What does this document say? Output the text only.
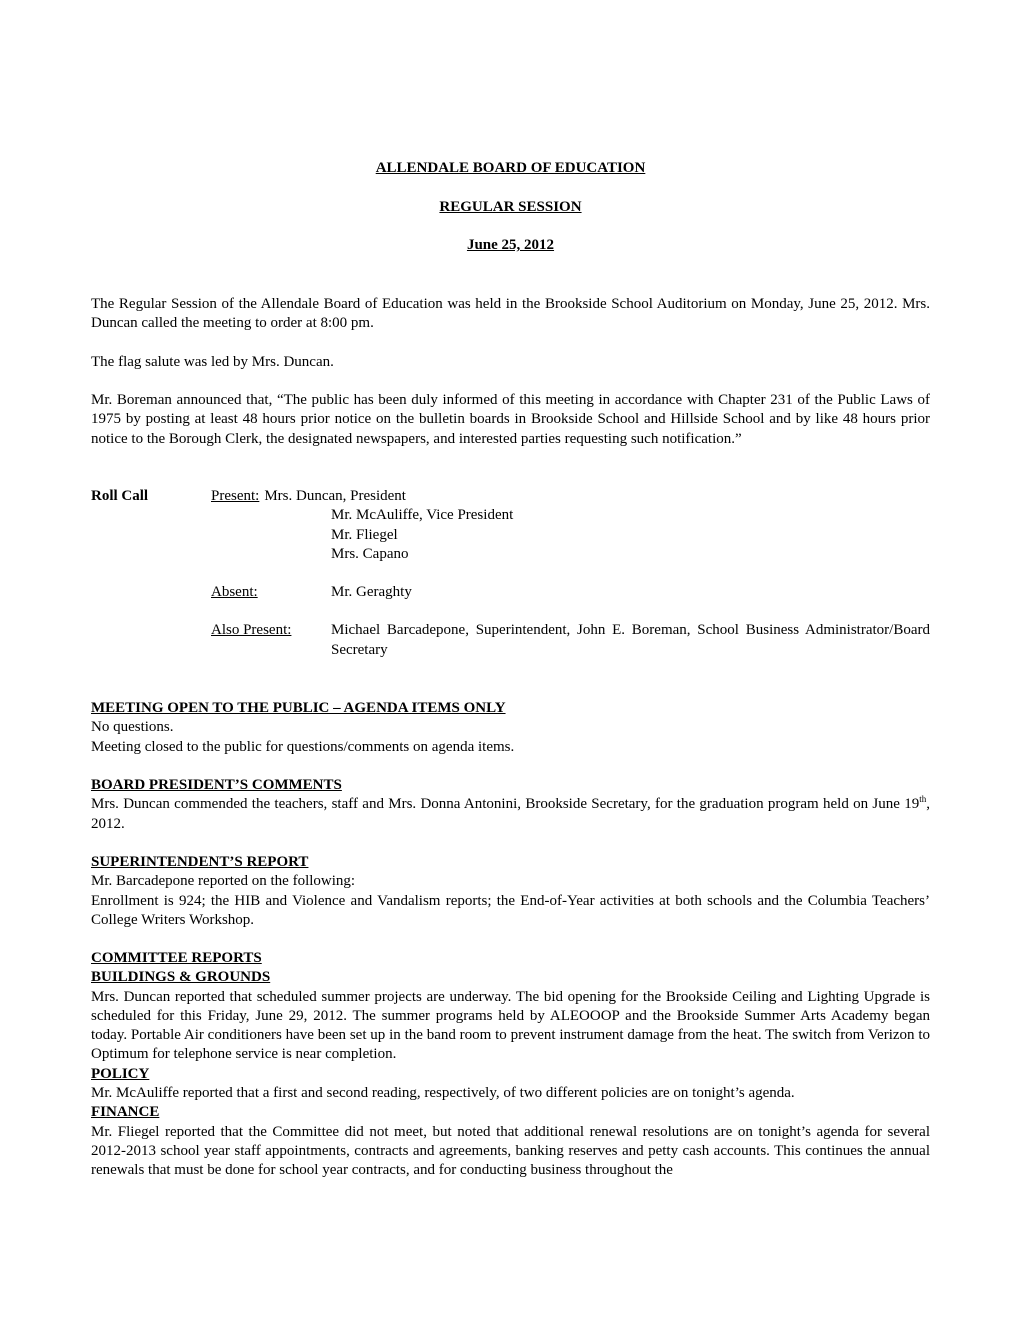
ALLENDALE BOARD OF EDUCATION
REGULAR SESSION
June 25, 2012

The Regular Session of the Allendale Board of Education was held in the Brookside School Auditorium on Monday, June 25, 2012. Mrs. Duncan called the meeting to order at 8:00 pm.

The flag salute was led by Mrs. Duncan.

Mr. Boreman announced that, “The public has been duly informed of this meeting in accordance with Chapter 231 of the Public Laws of 1975 by posting at least 48 hours prior notice on the bulletin boards in Brookside School and Hillside School and by like 48 hours prior notice to the Borough Clerk, the designated newspapers, and interested parties requesting such notification.”

Roll Call	Present: Mrs. Duncan, President
Mr. McAuliffe, Vice President
Mr. Fliegel
Mrs. Capano
Absent:	Mr. Geraghty
Also Present:	Michael Barcadepone, Superintendent, John E. Boreman, School Business Administrator/Board Secretary

MEETING OPEN TO THE PUBLIC – AGENDA ITEMS ONLY

No questions.

Meeting closed to the public for questions/comments on agenda items.

BOARD PRESIDENT’S COMMENTS

Mrs. Duncan commended the teachers, staff and Mrs. Donna Antonini, Brookside Secretary, for the graduation program held on June 19th, 2012.

SUPERINTENDENT’S REPORT

Mr. Barcadepone reported on the following:

Enrollment is 924; the HIB and Violence and Vandalism reports; the End-of-Year activities at both schools and the Columbia Teachers’ College Writers Workshop.

COMMITTEE REPORTS

BUILDINGS & GROUNDS

Mrs. Duncan reported that scheduled summer projects are underway. The bid opening for the Brookside Ceiling and Lighting Upgrade is scheduled for this Friday, June 29, 2012. The summer programs held by ALEOOOP and the Brookside Summer Arts Academy began today. Portable Air conditioners have been set up in the band room to prevent instrument damage from the heat. The switch from Verizon to Optimum for telephone service is near completion.

POLICY

Mr. McAuliffe reported that a first and second reading, respectively, of two different policies are on tonight’s agenda.

FINANCE

Mr. Fliegel reported that the Committee did not meet, but noted that additional renewal resolutions are on tonight’s agenda for several 2012-2013 school year staff appointments, contracts and agreements, banking reserves and petty cash accounts. This continues the annual renewals that must be done for school year contracts, and for conducting business throughout the
